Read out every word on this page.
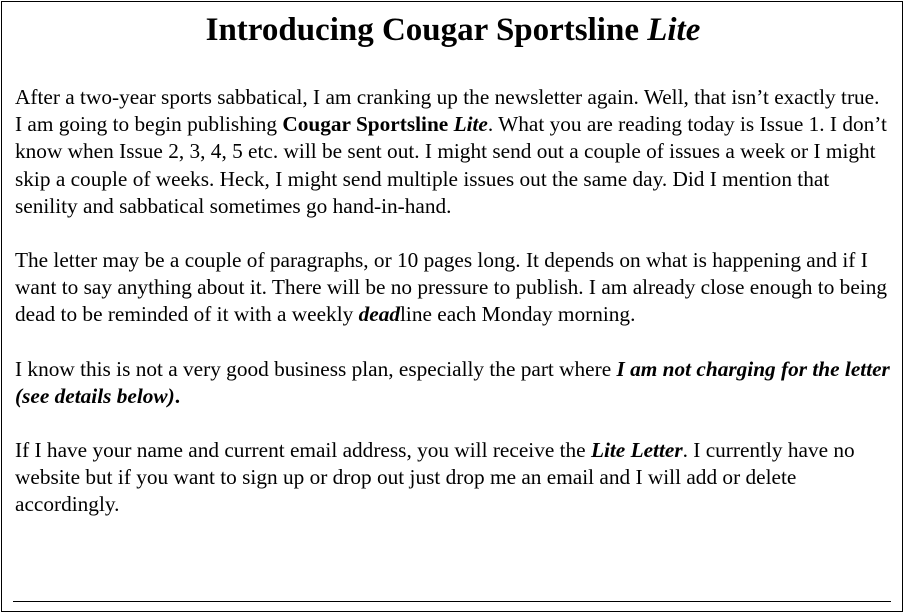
Introducing Cougar Sportsline Lite

After a two-year sports sabbatical, I am cranking up the newsletter again. Well, that isn’t exactly true. I am going to begin publishing Cougar Sportsline Lite. What you are reading today is Issue 1. I don’t know when Issue 2, 3, 4, 5 etc. will be sent out. I might send out a couple of issues a week or I might skip a couple of weeks. Heck, I might send multiple issues out the same day. Did I mention that senility and sabbatical sometimes go hand-in-hand.

The letter may be a couple of paragraphs, or 10 pages long. It depends on what is happening and if I want to say anything about it. There will be no pressure to publish. I am already close enough to being dead to be reminded of it with a weekly deadline each Monday morning.

I know this is not a very good business plan, especially the part where I am not charging for the letter (see details below).

If I have your name and current email address, you will receive the Lite Letter. I currently have no website but if you want to sign up or drop out just drop me an email and I will add or delete accordingly.
